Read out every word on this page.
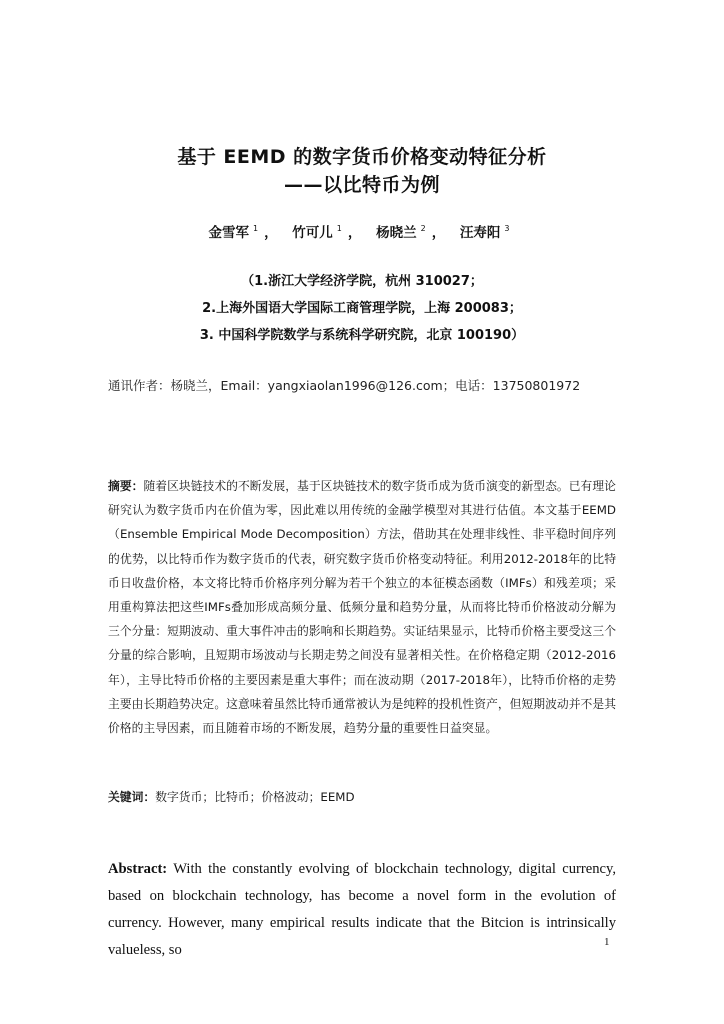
基于 EEMD 的数字货币价格变动特征分析
——以比特币为例
金雪军 $^1$ ， 竹可儿 $^1$ ， 杨晓兰 $^2$ ， 汪寿阳 $^3$
（1.浙江大学经济学院，杭州 310027；
2.上海外国语大学国际工商管理学院，上海 200083；
3. 中国科学院数学与系统科学研究院，北京 100190）
通讯作者：杨晓兰，Email：yangxiaolan1996@126.com；电话：13750801972
摘要：随着区块链技术的不断发展，基于区块链技术的数字货币成为货币演变的新型态。已有理论研究认为数字货币内在价值为零，因此难以用传统的金融学模型对其进行估值。本文基于EEMD（Ensemble Empirical Mode Decomposition）方法，借助其在处理非线性、非平稳时间序列的优势，以比特币作为数字货币的代表，研究数字货币价格变动特征。利用2012-2018年的比特币日收盘价格，本文将比特币价格序列分解为若干个独立的本征模态函数（IMFs）和残差项；采用重构算法把这些IMFs叠加形成高频分量、低频分量和趋势分量，从而将比特币价格波动分解为三个分量：短期波动、重大事件冲击的影响和长期趋势。实证结果显示，比特币价格主要受这三个分量的综合影响，且短期市场波动与长期走势之间没有显著相关性。在价格稳定期（2012-2016年），主导比特币价格的主要因素是重大事件；而在波动期（2017-2018年），比特币价格的走势主要由长期趋势决定。这意味着虽然比特币通常被认为是纯粹的投机性资产，但短期波动并不是其价格的主导因素，而且随着市场的不断发展，趋势分量的重要性日益突显。
关键词：数字货币；比特币；价格波动；EEMD
Abstract: With the constantly evolving of blockchain technology, digital currency, based on blockchain technology, has become a novel form in the evolution of currency. However, many empirical results indicate that the Bitcion is intrinsically valueless, so	1
